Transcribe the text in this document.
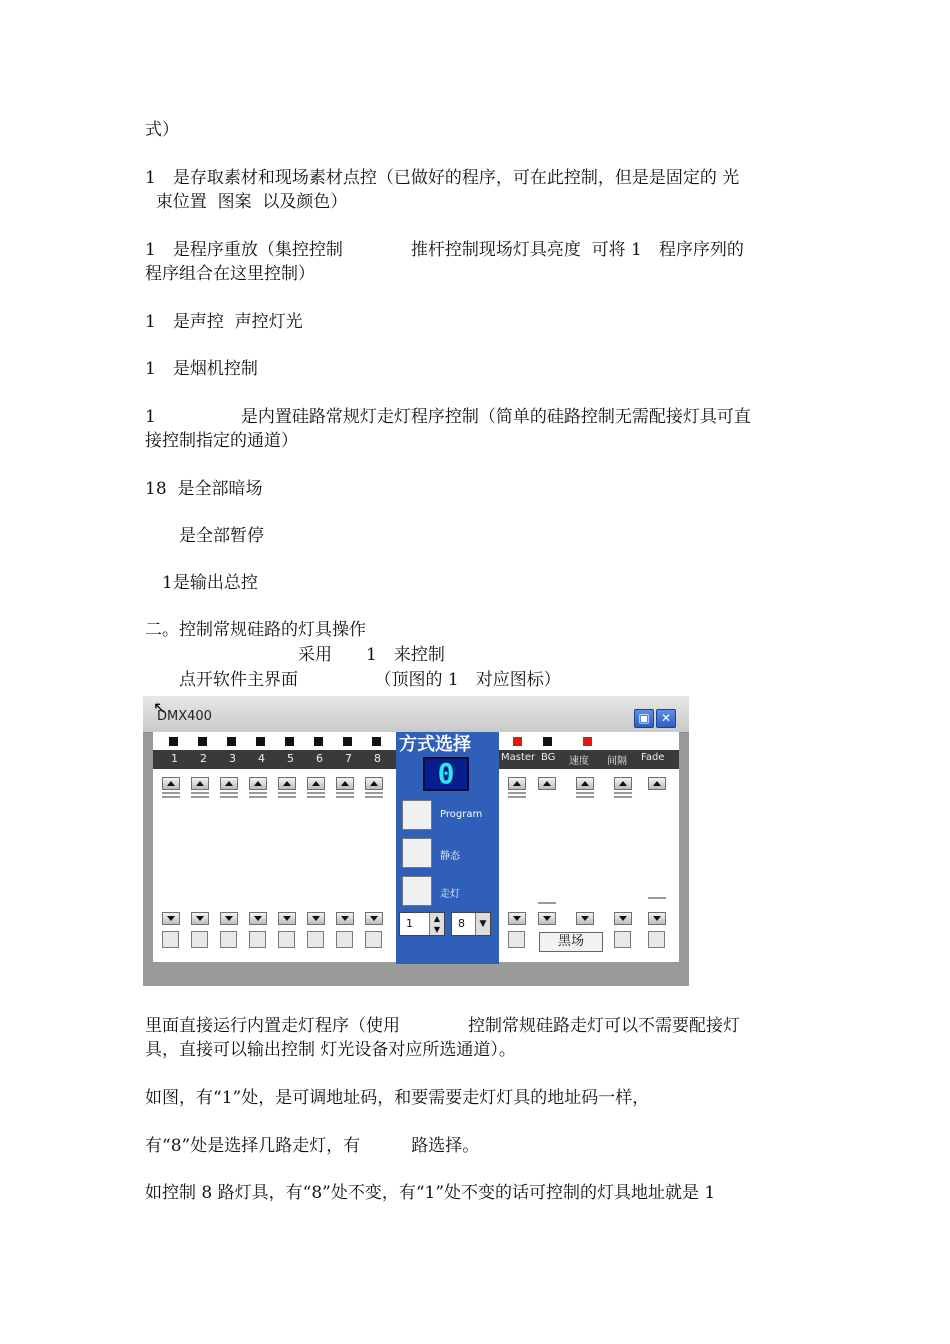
式）

1　是存取素材和现场素材点控（已做好的程序，可在此控制，但是是固定的 光
束位置  图案  以及颜色）

1　是程序重放（集控控制　　　　推杆控制现场灯具亮度  可将 1　程序序列的
程序组合在这里控制）

1　是声控  声控灯光

1　是烟机控制

1　　　　　是内置硅路常规灯走灯程序控制（简单的硅路控制无需配接灯具可直
接控制指定的通道）

18  是全部暗场

　　是全部暂停

　1是输出总控

二。控制常规硅路的灯具操作

　　　　　　　　　采用　　1　来控制

　　点开软件主界面　　　　　（顶图的 1　对应图标）

↖
DMX400	▣ ✕
1 2 3 4 5 6 7 8
方式选择
0
Program
静态
走灯
1	▲
▼	8	▼
黑场
Master BG 速度 间隔 Fade

里面直接运行内置走灯程序（使用　　　　控制常规硅路走灯可以不需要配接灯
具，直接可以输出控制 灯光设备对应所选通道）。

如图，有“1”处，是可调地址码，和要需要走灯灯具的地址码一样，

有“8”处是选择几路走灯，有　　　路选择。

如控制 8 路灯具，有“8”处不变，有“1”处不变的话可控制的灯具地址就是 1
